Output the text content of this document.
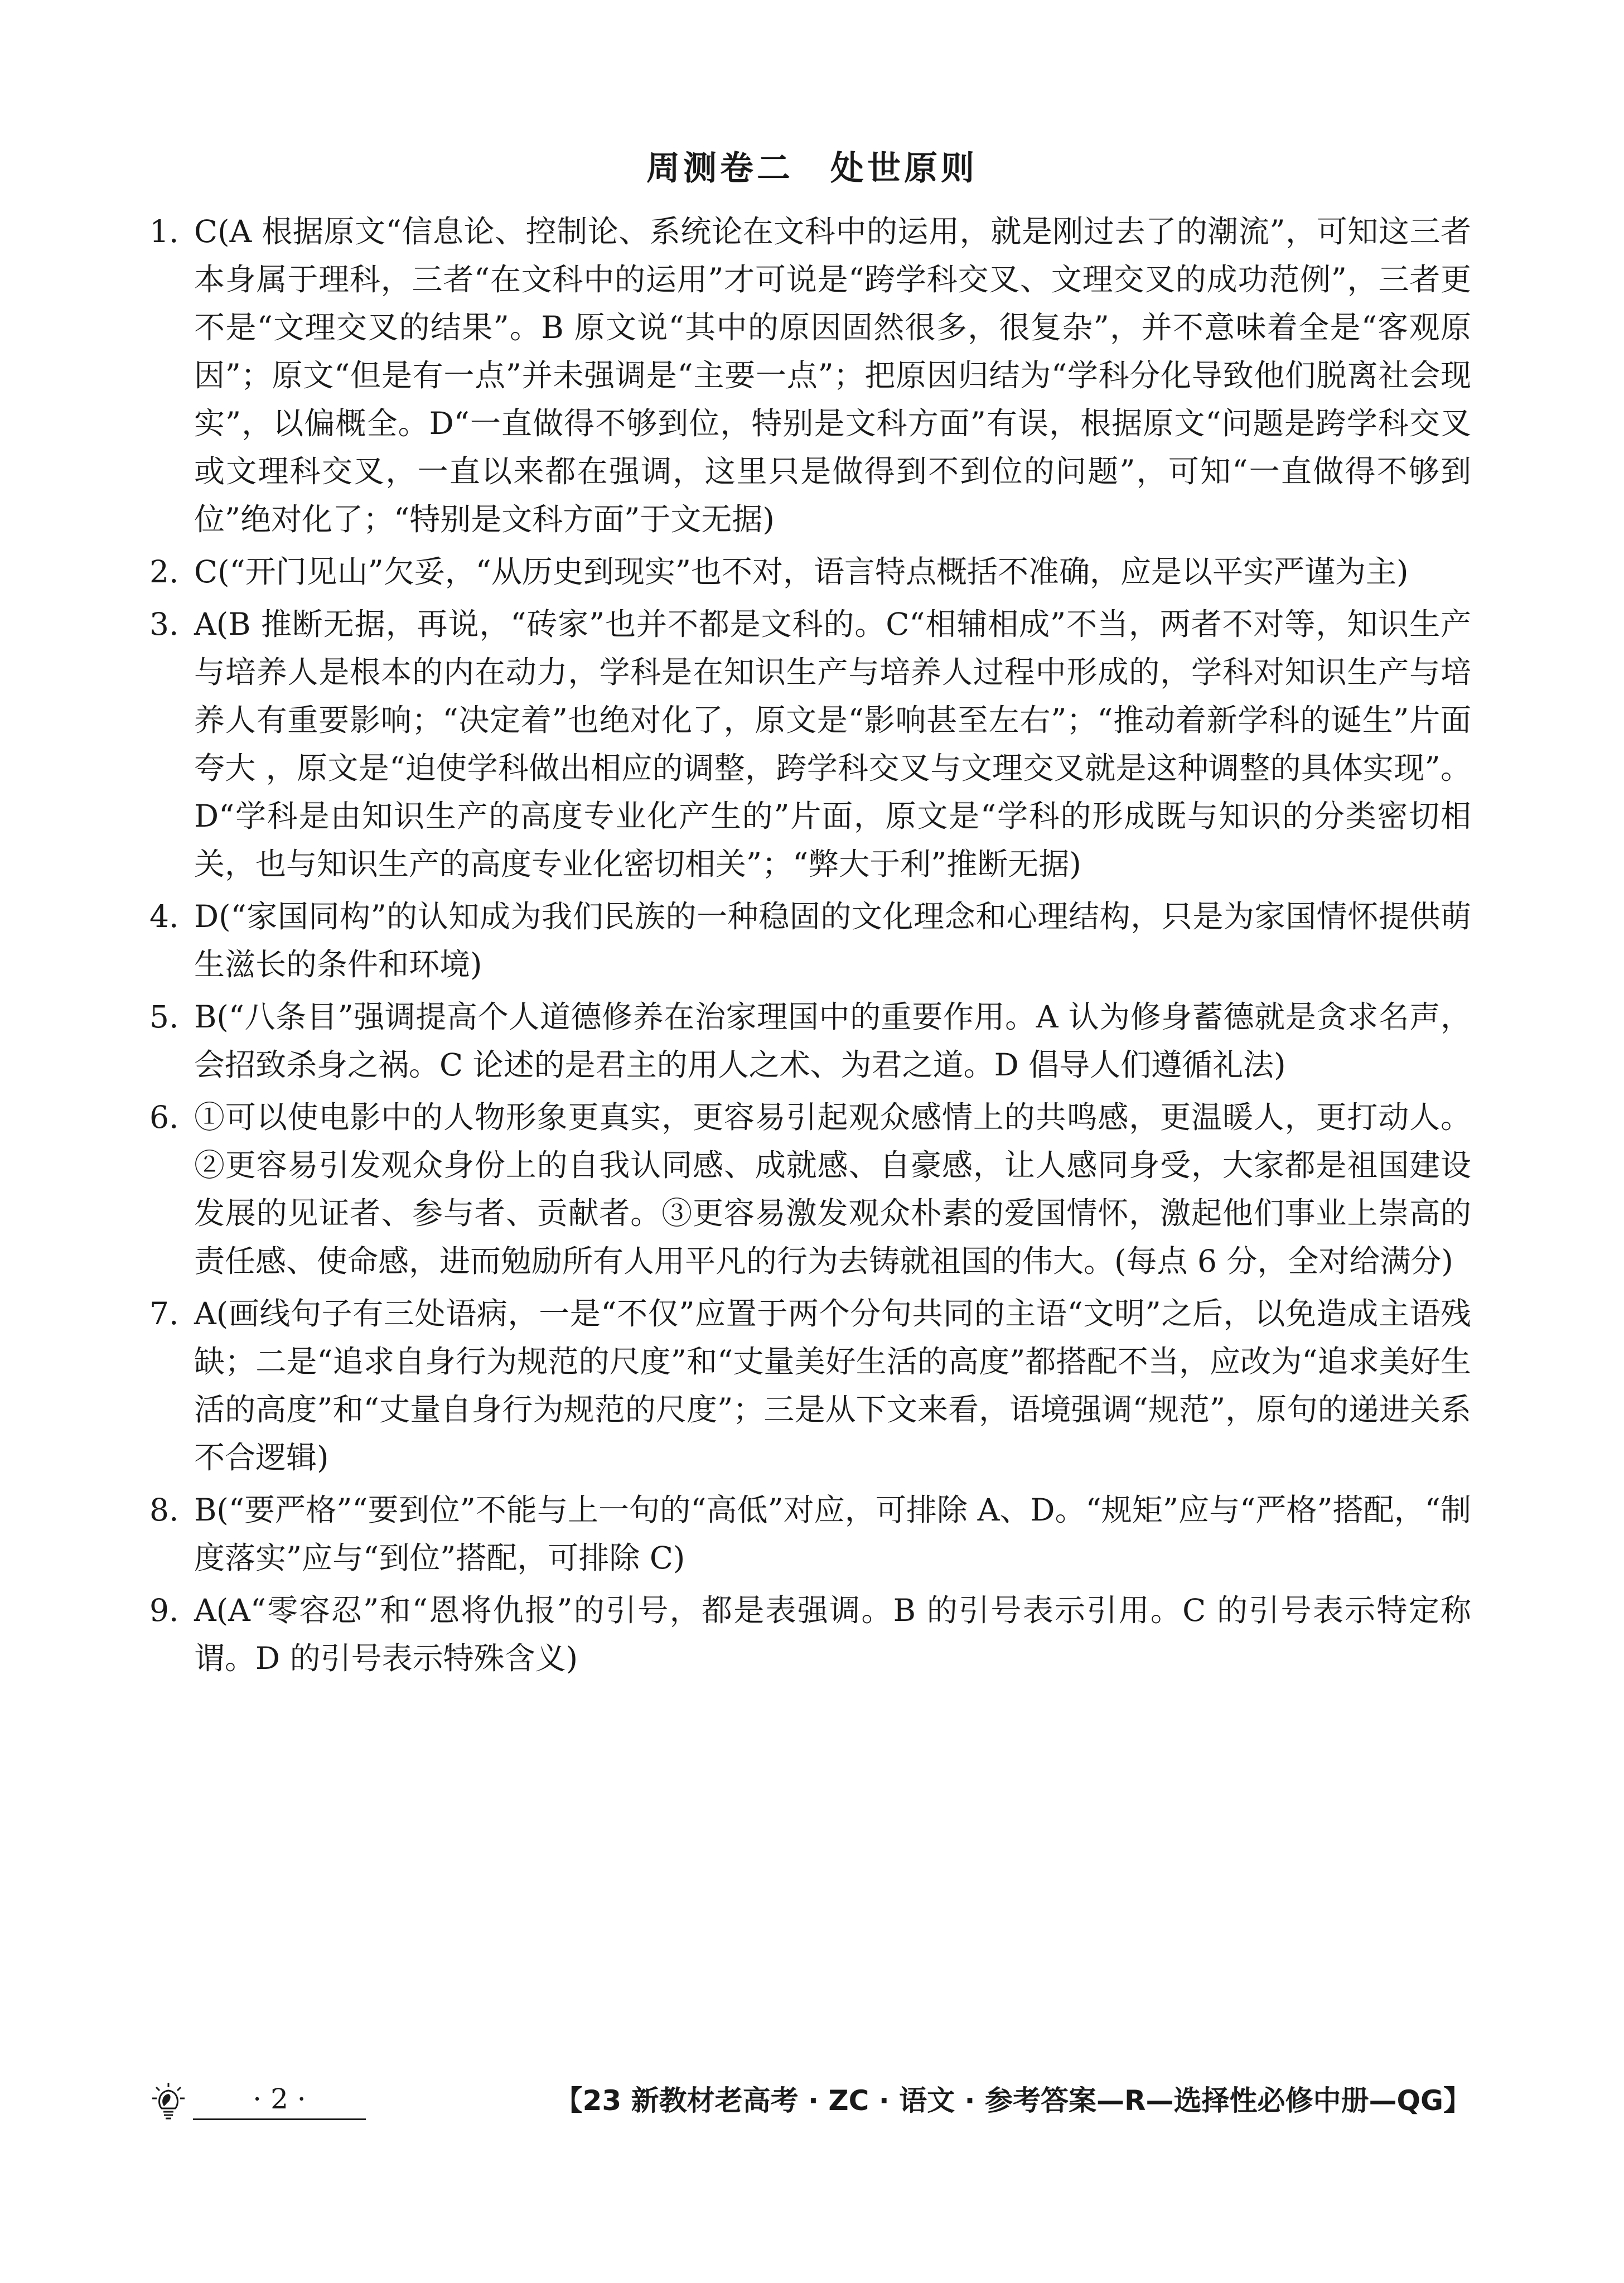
周测卷二　处世原则
1. C(A 根据原文“信息论、控制论、系统论在文科中的运用，就是刚过去了的潮流”，可知这三者本身属于理科，三者“在文科中的运用”才可说是“跨学科交叉、文理交叉的成功范例”，三者更不是“文理交叉的结果”。B 原文说“其中的原因固然很多，很复杂”，并不意味着全是“客观原因”；原文“但是有一点”并未强调是“主要一点”；把原因归结为“学科分化导致他们脱离社会现实”，以偏概全。D“一直做得不够到位，特别是文科方面”有误，根据原文“问题是跨学科交叉或文理科交叉，一直以来都在强调，这里只是做得到不到位的问题”，可知“一直做得不够到位”绝对化了；“特别是文科方面”于文无据)
2. C(“开门见山”欠妥，“从历史到现实”也不对，语言特点概括不准确，应是以平实严谨为主)
3. A(B 推断无据，再说，“砖家”也并不都是文科的。C“相辅相成”不当，两者不对等，知识生产与培养人是根本的内在动力，学科是在知识生产与培养人过程中形成的，学科对知识生产与培养人有重要影响；“决定着”也绝对化了，原文是“影响甚至左右”；“推动着新学科的诞生”片面夸大 ，原文是“迫使学科做出相应的调整，跨学科交叉与文理交叉就是这种调整的具体实现”。D“学科是由知识生产的高度专业化产生的”片面，原文是“学科的形成既与知识的分类密切相关，也与知识生产的高度专业化密切相关”；“弊大于利”推断无据)
4. D(“家国同构”的认知成为我们民族的一种稳固的文化理念和心理结构，只是为家国情怀提供萌生滋长的条件和环境)
5. B(“八条目”强调提高个人道德修养在治家理国中的重要作用。A 认为修身蓄德就是贪求名声，会招致杀身之祸。C 论述的是君主的用人之术、为君之道。D 倡导人们遵循礼法)
6. ①可以使电影中的人物形象更真实，更容易引起观众感情上的共鸣感，更温暖人，更打动人。②更容易引发观众身份上的自我认同感、成就感、自豪感，让人感同身受，大家都是祖国建设发展的见证者、参与者、贡献者。③更容易激发观众朴素的爱国情怀，激起他们事业上崇高的责任感、使命感，进而勉励所有人用平凡的行为去铸就祖国的伟大。(每点 6 分，全对给满分)
7. A(画线句子有三处语病，一是“不仅”应置于两个分句共同的主语“文明”之后，以免造成主语残缺；二是“追求自身行为规范的尺度”和“丈量美好生活的高度”都搭配不当，应改为“追求美好生活的高度”和“丈量自身行为规范的尺度”；三是从下文来看，语境强调“规范”，原句的递进关系不合逻辑)
8. B(“要严格”“要到位”不能与上一句的“高低”对应，可排除 A、D。“规矩”应与“严格”搭配，“制度落实”应与“到位”搭配，可排除 C)
9. A(A“零容忍”和“恩将仇报”的引号，都是表强调。B 的引号表示引用。C 的引号表示特定称谓。D 的引号表示特殊含义)
· 2 ·	【23 新教材老高考 · ZC · 语文 · 参考答案—R—选择性必修中册—QG】
